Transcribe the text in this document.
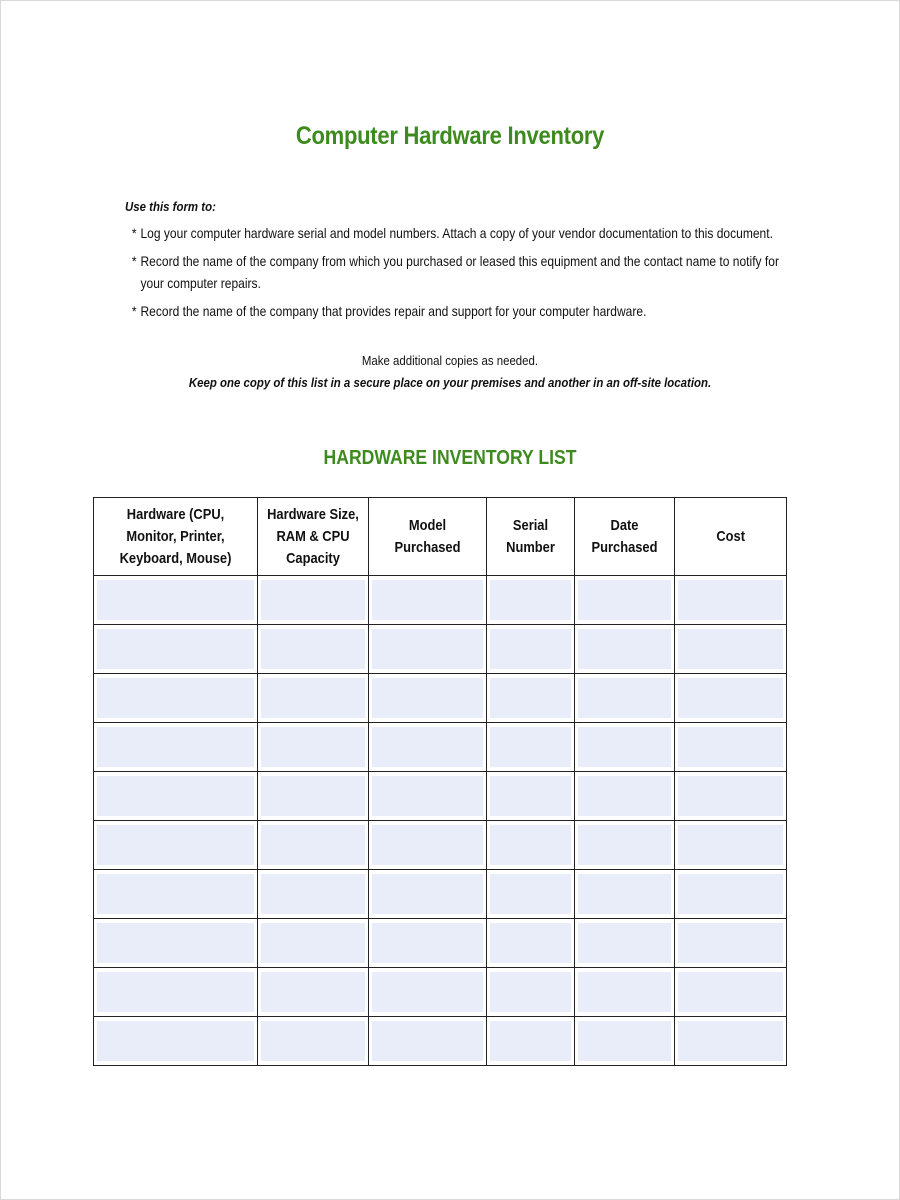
Computer Hardware Inventory
Use this form to:
* Log your computer hardware serial and model numbers. Attach a copy of your vendor documentation to this document.
* Record the name of the company from which you purchased or leased this equipment and the contact name to notify for your computer repairs.
* Record the name of the company that provides repair and support for your computer hardware.
Make additional copies as needed.
Keep one copy of this list in a secure place on your premises and another in an off-site location.
HARDWARE INVENTORY LIST
Hardware (CPU, Monitor, Printer, Keyboard, Mouse)	Hardware Size, RAM & CPU Capacity	Model Purchased	Serial Number	Date Purchased	Cost
